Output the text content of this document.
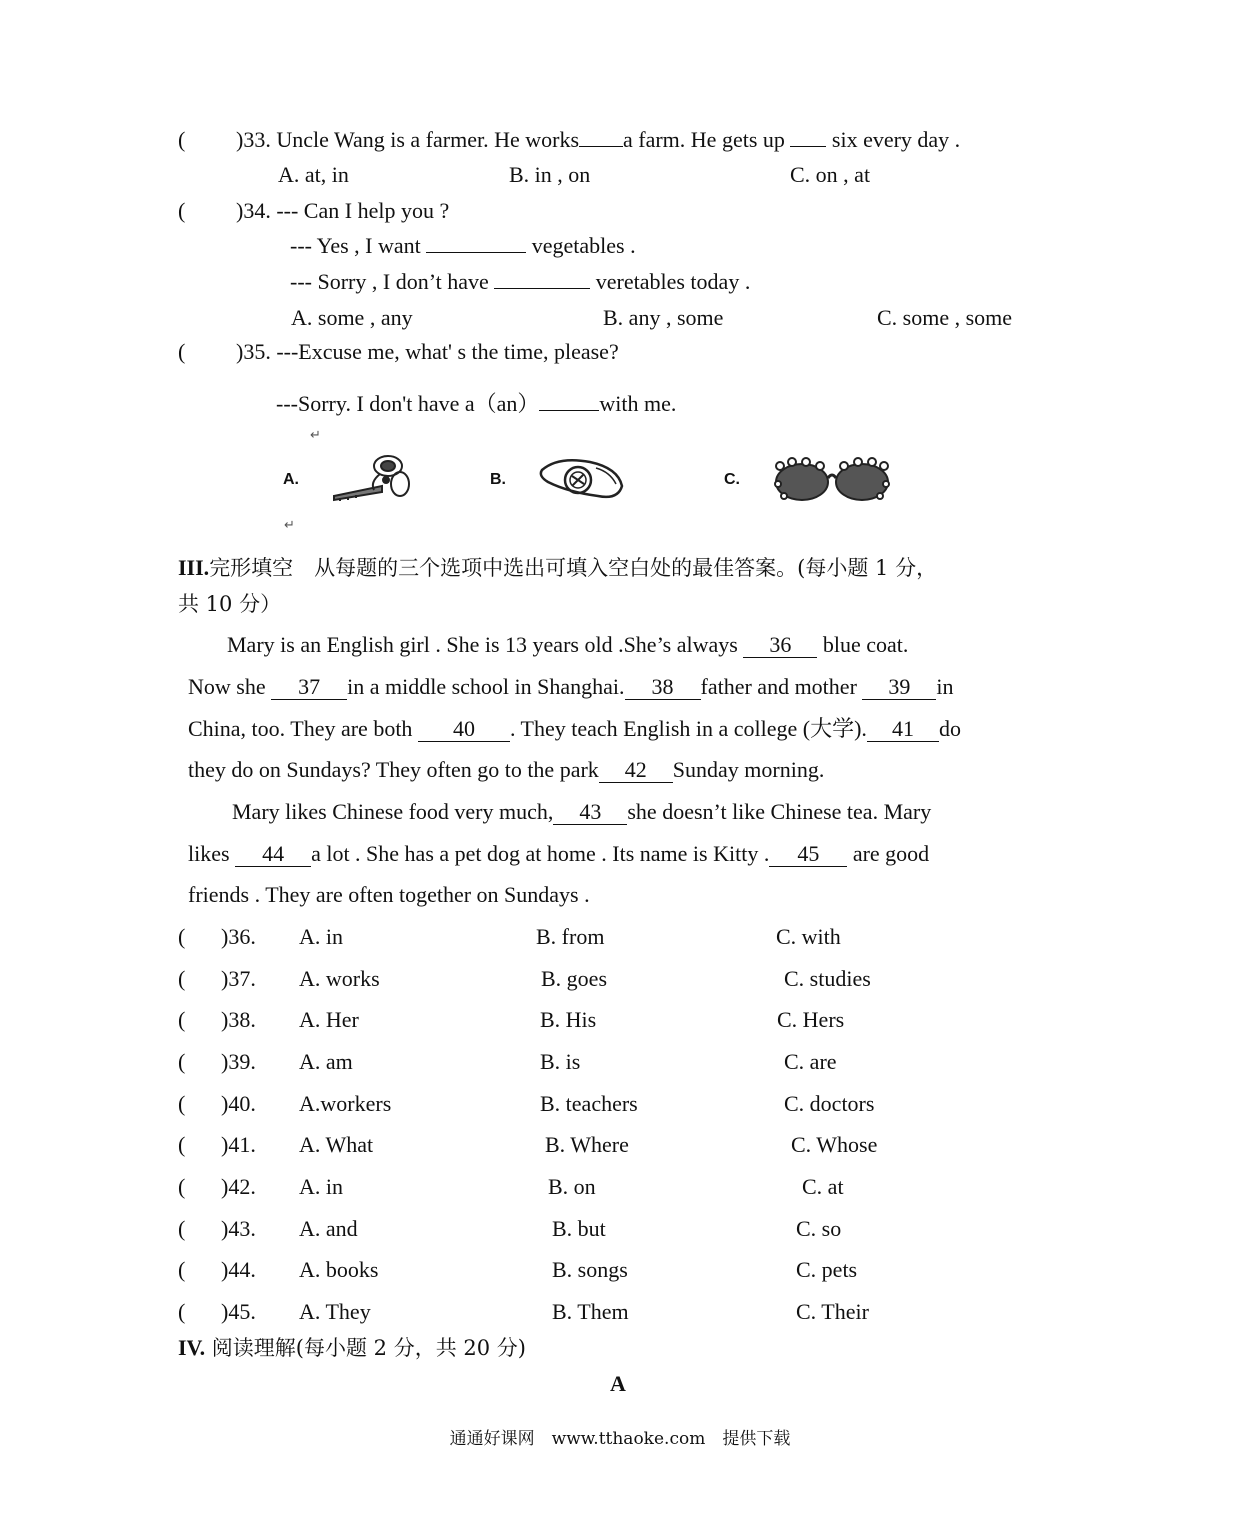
( )33. Uncle Wang is a farmer. He works a farm. He gets up  six every day .
A. at, in	B. in , on	C. on , at
( )34. --- Can I help you ?
--- Yes , I want	vegetables .
--- Sorry , I don’t have	veretables today .
A. some , any	B. any , some	C. some , some
( )35. ---Excuse me, what' s the time, please?
---Sorry. I don't have a（an）	with me.
↵
A.	B.	C.
↵
III.完形填空　从每题的三个选项中选出可填入空白处的最佳答案。(每小题 1 分，
共 10 分）
Mary is an English girl . She is 13 years old .She’s always 36 blue coat.
Now she 37 in a middle school in Shanghai. 38 father and mother 39 in
China, too. They are both 40 . They teach English in a college (大学). 41 do
they do on Sundays? They often go to the park 42 Sunday morning.
Mary likes Chinese food very much, 43 she doesn’t like Chinese tea. Mary
likes 44 a lot . She has a pet dog at home . Its name is Kitty . 45 are good
friends . They are often together on Sundays .
( )36. A. in	B. from	C. with
( )37. A. works	B. goes	C. studies
( )38. A. Her	B. His	C. Hers
( )39. A. am	B. is	C. are
( )40. A.workers	B. teachers	C. doctors
( )41. A. What	B. Where	C. Whose
( )42. A. in	B. on	C. at
( )43. A. and	B. but	C. so
( )44. A. books	B. songs	C. pets
( )45. A. They	B. Them	C. Their
IV. 阅读理解(每小题 2 分，共 20 分)
A
通通好课网　www.tthaoke.com　提供下载
